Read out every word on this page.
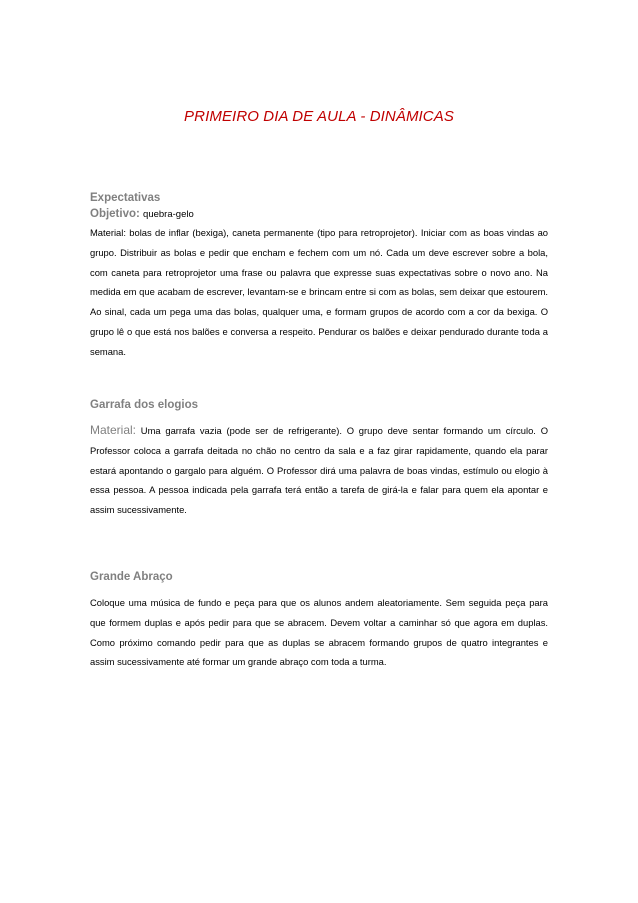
PRIMEIRO DIA DE AULA - DINÂMICAS

Expectativas

Objetivo: quebra-gelo

Material: bolas de inflar (bexiga), caneta permanente (tipo para retroprojetor). Iniciar com as boas vindas ao grupo. Distribuir as bolas e pedir que encham e fechem com um nó. Cada um deve escrever sobre a bola, com caneta para retroprojetor uma frase ou palavra que expresse suas expectativas sobre o novo ano. Na medida em que acabam de escrever, levantam-se e brincam entre si com as bolas, sem deixar que estourem. Ao sinal, cada um pega uma das bolas, qualquer uma, e formam grupos de acordo com a cor da bexiga. O grupo lê o que está nos balões e conversa a respeito. Pendurar os balões e deixar pendurado durante toda a semana.

Garrafa dos elogios

Material: Uma garrafa vazia (pode ser de refrigerante). O grupo deve sentar formando um círculo. O Professor coloca a garrafa deitada no chão no centro da sala e a faz girar rapidamente, quando ela parar estará apontando o gargalo para alguém. O Professor dirá uma palavra de boas vindas, estímulo ou elogio à essa pessoa. A pessoa indicada pela garrafa terá então a tarefa de girá-la e falar para quem ela apontar e assim sucessivamente.

Grande Abraço

Coloque uma música de fundo e peça para que os alunos andem aleatoriamente. Sem seguida peça para que formem duplas e após pedir para que se abracem. Devem voltar a caminhar só que agora em duplas. Como próximo comando pedir para que as duplas se abracem formando grupos de quatro integrantes e assim sucessivamente até formar um grande abraço com toda a turma.
